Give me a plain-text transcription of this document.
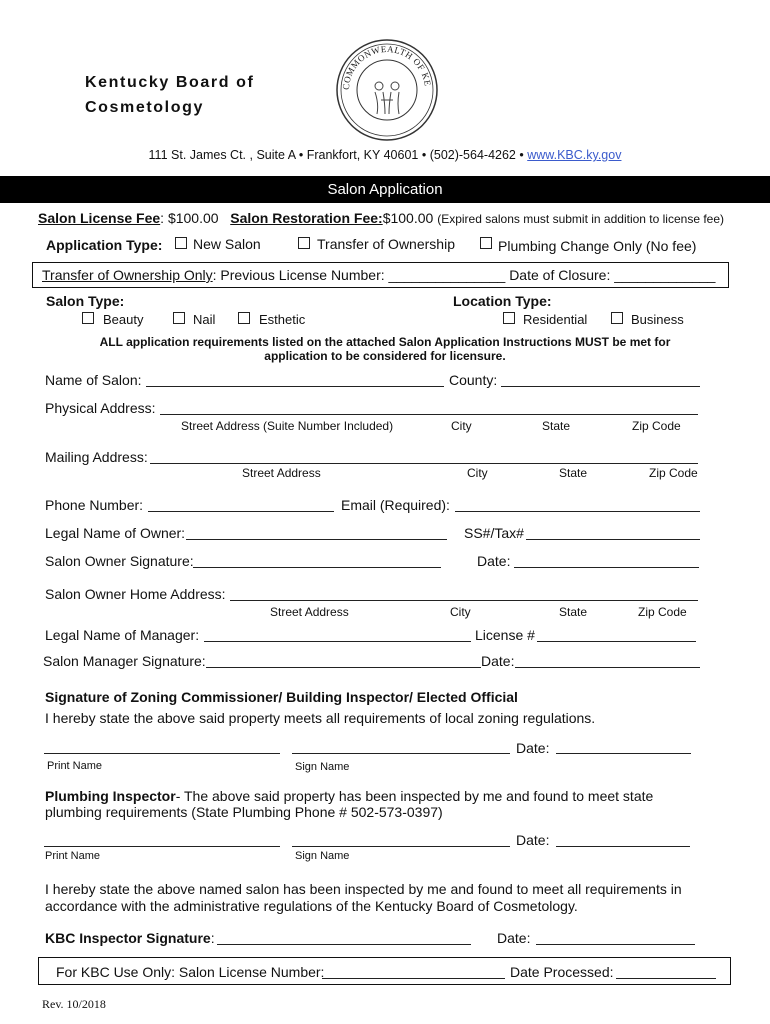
Kentucky Board of
Cosmetology
COMMONWEALTH OF KE
111 St. James Ct. , Suite A • Frankfort, KY 40601 • (502)-564-4262 • www.KBC.ky.gov
Salon Application
Salon License Fee: $100.00 Salon Restoration Fee:$100.00 (Expired salons must submit in addition to license fee)
Application Type: New Salon	Transfer of Ownership	Plumbing Change Only (No fee)
Transfer of Ownership Only: Previous License Number: _______________ Date of Closure: _____________
Salon Type:	Location Type:
Beauty	Nail	Esthetic	Residential	Business
ALL application requirements listed on the attached Salon Application Instructions MUST be met for
application to be considered for licensure.
Name of Salon:	County:
Physical Address:
Street Address (Suite Number Included)	City	State	Zip Code
Mailing Address:
Street Address	City	State	Zip Code
Phone Number:	Email (Required):
Legal Name of Owner:	SS#/Tax#
Salon Owner Signature:	Date:
Salon Owner Home Address:
Street Address	City	State	Zip Code
Legal Name of Manager:	License #
Salon Manager Signature:	Date:
Signature of Zoning Commissioner/ Building Inspector/ Elected Official
I hereby state the above said property meets all requirements of local zoning regulations.
Date:
Print Name	Sign Name
Plumbing Inspector- The above said property has been inspected by me and found to meet state
plumbing requirements (State Plumbing Phone # 502-573-0397)
Date:
Print Name	Sign Name
I hereby state the above named salon has been inspected by me and found to meet all requirements in
accordance with the administrative regulations of the Kentucky Board of Cosmetology.
KBC Inspector Signature:	Date:
For KBC Use Only: Salon License Number:	Date Processed:
Rev. 10/2018
